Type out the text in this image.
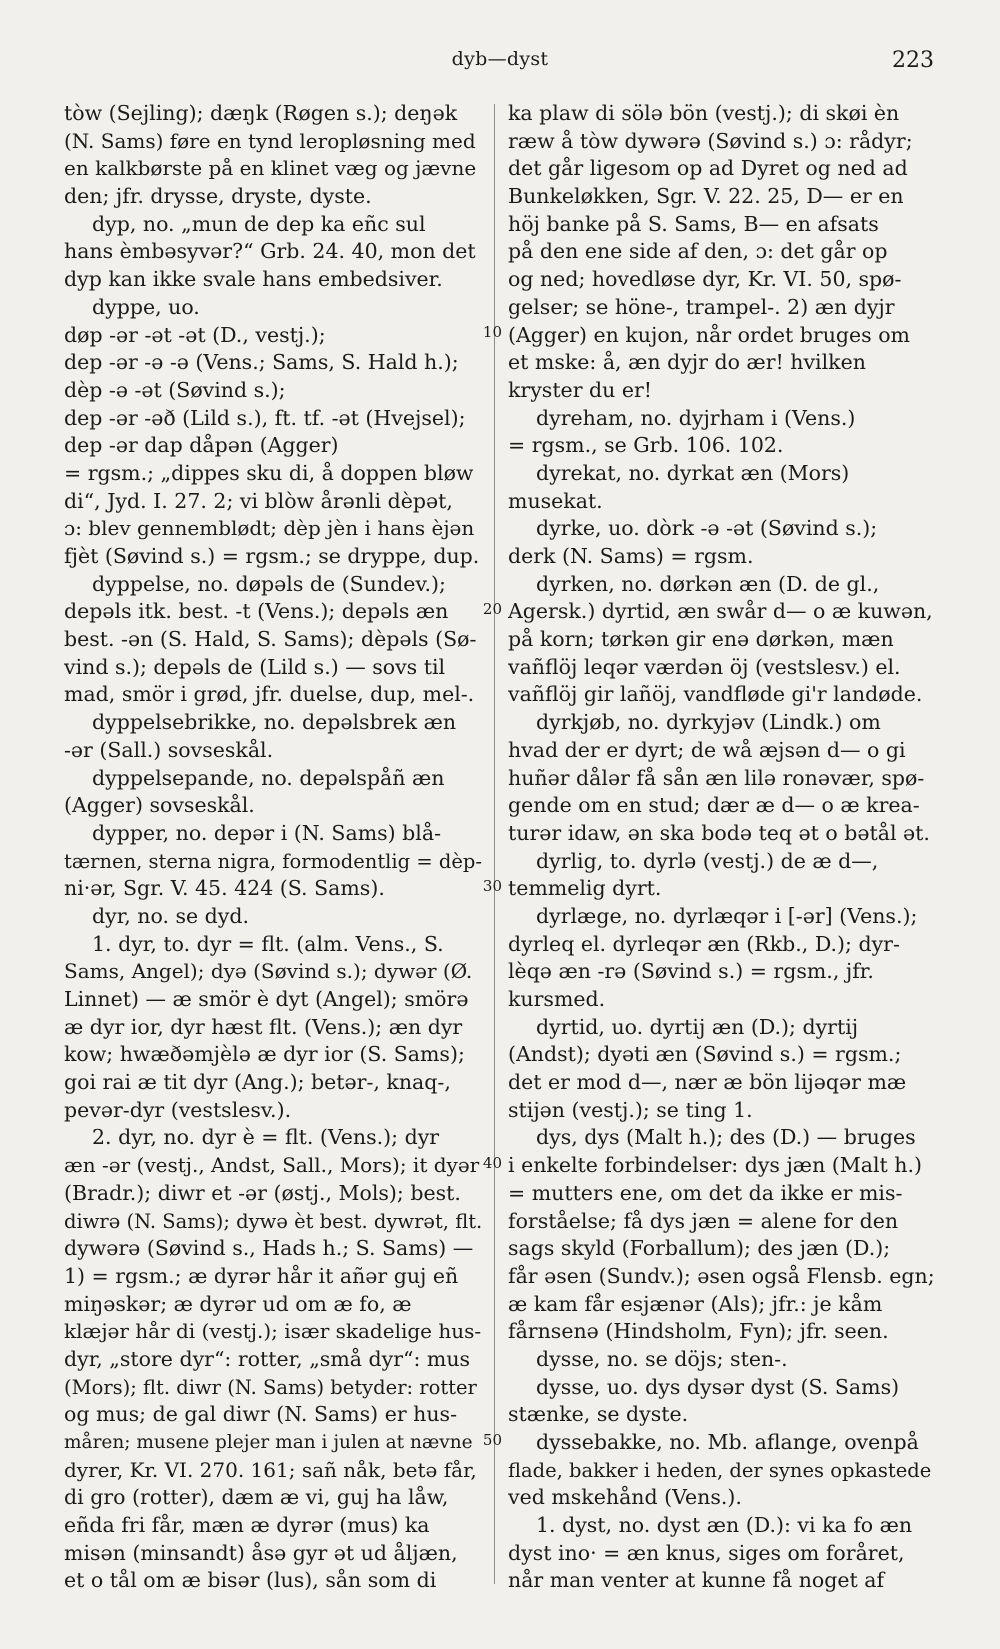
dyb—dyst	223
tòw (Sejling); dæŋk (Røgen s.); deŋək
(N. Sams) føre en tynd leropløsning med
en kalkbørste på en klinet væg og jævne
den; jfr. drysse, dryste, dyste.
dyp, no. „mun de dep ka eñc sul
hans èmbəsyvər?“ Grb. 24. 40, mon det
dyp kan ikke svale hans embedsiver.
dyppe, uo.
døp -ər -ət -ət (D., vestj.);
dep -ər -ə -ə (Vens.; Sams, S. Hald h.);
dèp -ə -ət (Søvind s.);
dep -ər -əð (Lild s.), ft. tf. -ət (Hvejsel);
dep -ər dap dåpən (Agger)
= rgsm.; „dippes sku di, å doppen bløw
di“, Jyd. I. 27. 2; vi blòw årənli dèpət,
ɔ: blev gennemblødt; dèp jèn i hans èjən
fjèt (Søvind s.) = rgsm.; se dryppe, dup.
dyppelse, no. døpəls de (Sundev.);
depəls itk. best. -t (Vens.); depəls æn
best. -ən (S. Hald, S. Sams); dèpəls (Sø-
vind s.); depəls de (Lild s.) — sovs til
mad, smör i grød, jfr. duelse, dup, mel-.
dyppelsebrikke, no. depəlsbrek æn
-ər (Sall.) sovseskål.
dyppelsepande, no. depəlspåñ æn
(Agger) sovseskål.
dypper, no. depər i (N. Sams) blå-
tærnen, sterna nigra, formodentlig = dèp-
ni·ər, Sgr. V. 45. 424 (S. Sams).
dyr, no. se dyd.
1. dyr, to. dyr = flt. (alm. Vens., S.
Sams, Angel); dyə (Søvind s.); dywər (Ø.
Linnet) — æ smör è dyt (Angel); smörə
æ dyr ior, dyr hæst flt. (Vens.); æn dyr
kow; hwæðəmjèlə æ dyr ior (S. Sams);
goi rai æ tit dyr (Ang.); betər-, knaq-,
pevər-dyr (vestslesv.).
2. dyr, no. dyr è = flt. (Vens.); dyr
æn -ər (vestj., Andst, Sall., Mors); it dyər
(Bradr.); diwr et -ər (østj., Mols); best.
diwrə (N. Sams); dywə èt best. dywrət, flt.
dywərə (Søvind s., Hads h.; S. Sams) —
1) = rgsm.; æ dyrər hår it añər guj eñ
miŋəskər; æ dyrər ud om æ fo, æ
klæjər hår di (vestj.); især skadelige hus-
dyr, „store dyr“: rotter, „små dyr“: mus
(Mors); flt. diwr (N. Sams) betyder: rotter
og mus; de gal diwr (N. Sams) er hus-
måren; musene plejer man i julen at nævne
dyrer, Kr. VI. 270. 161; sañ nåk, betə får,
di gro (rotter), dæm æ vi, guj ha låw,
eñda fri får, mæn æ dyrər (mus) ka
misən (minsandt) åsə gyr ət ud åljæn,
et o tål om æ bisər (lus), sån som di
10
20
30
40
50
ka plaw di sölə bön (vestj.); di skøi èn
ræw å tòw dywərə (Søvind s.) ɔ: rådyr;
det går ligesom op ad Dyret og ned ad
Bunkeløkken, Sgr. V. 22. 25, D— er en
höj banke på S. Sams, B— en afsats
på den ene side af den, ɔ: det går op
og ned; hovedløse dyr, Kr. VI. 50, spø-
gelser; se höne-, trampel-. 2) æn dyjr
(Agger) en kujon, når ordet bruges om
et mske: å, æn dyjr do ær! hvilken
kryster du er!
dyreham, no. dyjrham i (Vens.)
= rgsm., se Grb. 106. 102.
dyrekat, no. dyrkat æn (Mors)
musekat.
dyrke, uo. dòrk -ə -ət (Søvind s.);
derk (N. Sams) = rgsm.
dyrken, no. dørkən æn (D. de gl.,
Agersk.) dyrtid, æn swår d— o æ kuwən,
på korn; tørkən gir enə dørkən, mæn
vañflöj leqər værdən öj (vestslesv.) el.
vañflöj gir lañöj, vandfløde gi'r landøde.
dyrkjøb, no. dyrkyjəv (Lindk.) om
hvad der er dyrt; de wå æjsən d— o gi
huñər dålər få sån æn lilə ronəvær, spø-
gende om en stud; dær æ d— o æ krea-
turər idaw, ən ska bodə teq ət o bətål ət.
dyrlig, to. dyrlə (vestj.) de æ d—,
temmelig dyrt.
dyrlæge, no. dyrlæqər i [-ər] (Vens.);
dyrleq el. dyrleqər æn (Rkb., D.); dyr-
lèqə æn -rə (Søvind s.) = rgsm., jfr.
kursmed.
dyrtid, uo. dyrtij æn (D.); dyrtij
(Andst); dyəti æn (Søvind s.) = rgsm.;
det er mod d—, nær æ bön lijəqər mæ
stijən (vestj.); se ting 1.
dys, dys (Malt h.); des (D.) — bruges
i enkelte forbindelser: dys jæn (Malt h.)
= mutters ene, om det da ikke er mis-
forståelse; få dys jæn = alene for den
sags skyld (Forballum); des jæn (D.);
får əsen (Sundv.); əsen også Flensb. egn;
æ kam får esjænər (Als); jfr.: je kåm
fårnsenə (Hindsholm, Fyn); jfr. seen.
dysse, no. se döjs; sten-.
dysse, uo. dys dysər dyst (S. Sams)
stænke, se dyste.
dyssebakke, no. Mb. aflange, ovenpå
flade, bakker i heden, der synes opkastede
ved mskehånd (Vens.).
1. dyst, no. dyst æn (D.): vi ka fo æn
dyst ino· = æn knus, siges om foråret,
når man venter at kunne få noget af
